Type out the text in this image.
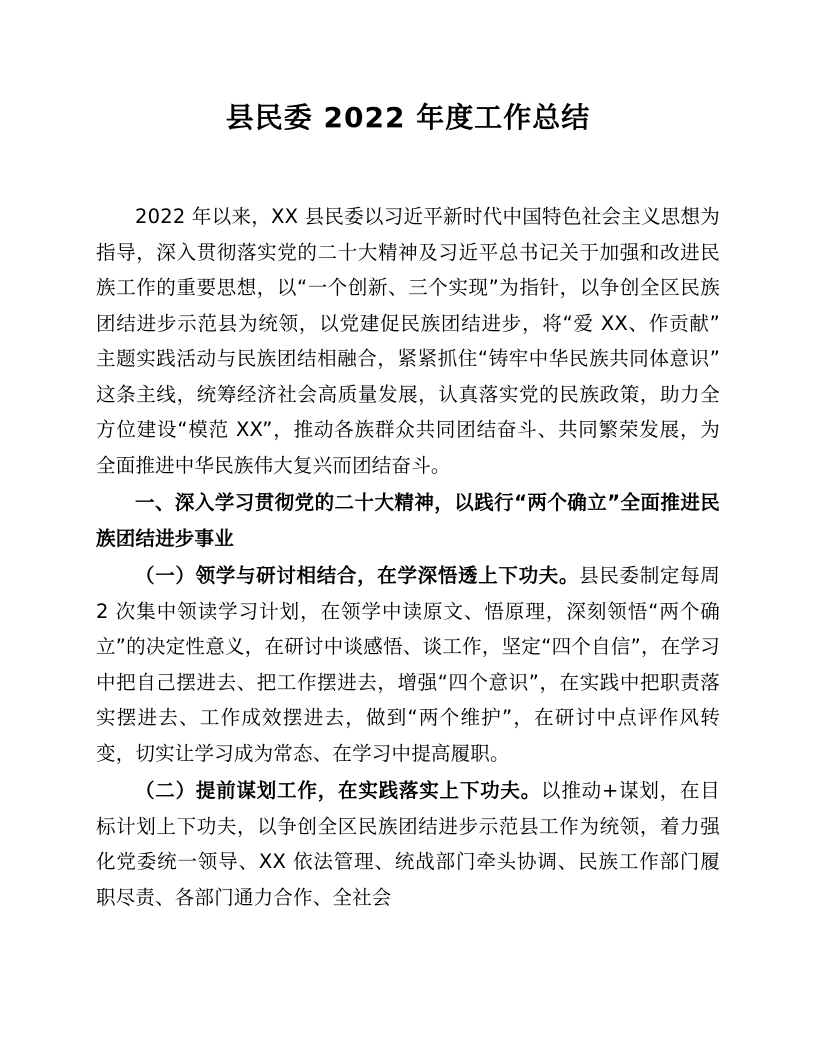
县民委 2022 年度工作总结

2022 年以来，XX 县民委以习近平新时代中国特色社会主义思想为指导，深入贯彻落实党的二十大精神及习近平总书记关于加强和改进民族工作的重要思想，以“一个创新、三个实现”为指针，以争创全区民族团结进步示范县为统领，以党建促民族团结进步，将“爱 XX、作贡献”主题实践活动与民族团结相融合，紧紧抓住“铸牢中华民族共同体意识”这条主线，统筹经济社会高质量发展，认真落实党的民族政策，助力全方位建设“模范 XX”，推动各族群众共同团结奋斗、共同繁荣发展，为全面推进中华民族伟大复兴而团结奋斗。

一、深入学习贯彻党的二十大精神，以践行“两个确立”全面推进民族团结进步事业

（一）领学与研讨相结合，在学深悟透上下功夫。县民委制定每周 2 次集中领读学习计划，在领学中读原文、悟原理，深刻领悟“两个确立”的决定性意义，在研讨中谈感悟、谈工作，坚定“四个自信”，在学习中把自己摆进去、把工作摆进去，增强“四个意识”，在实践中把职责落实摆进去、工作成效摆进去，做到“两个维护”，在研讨中点评作风转变，切实让学习成为常态、在学习中提高履职。

（二）提前谋划工作，在实践落实上下功夫。以推动+谋划，在目标计划上下功夫，以争创全区民族团结进步示范县工作为统领，着力强化党委统一领导、XX 依法管理、统战部门牵头协调、民族工作部门履职尽责、各部门通力合作、全社会
